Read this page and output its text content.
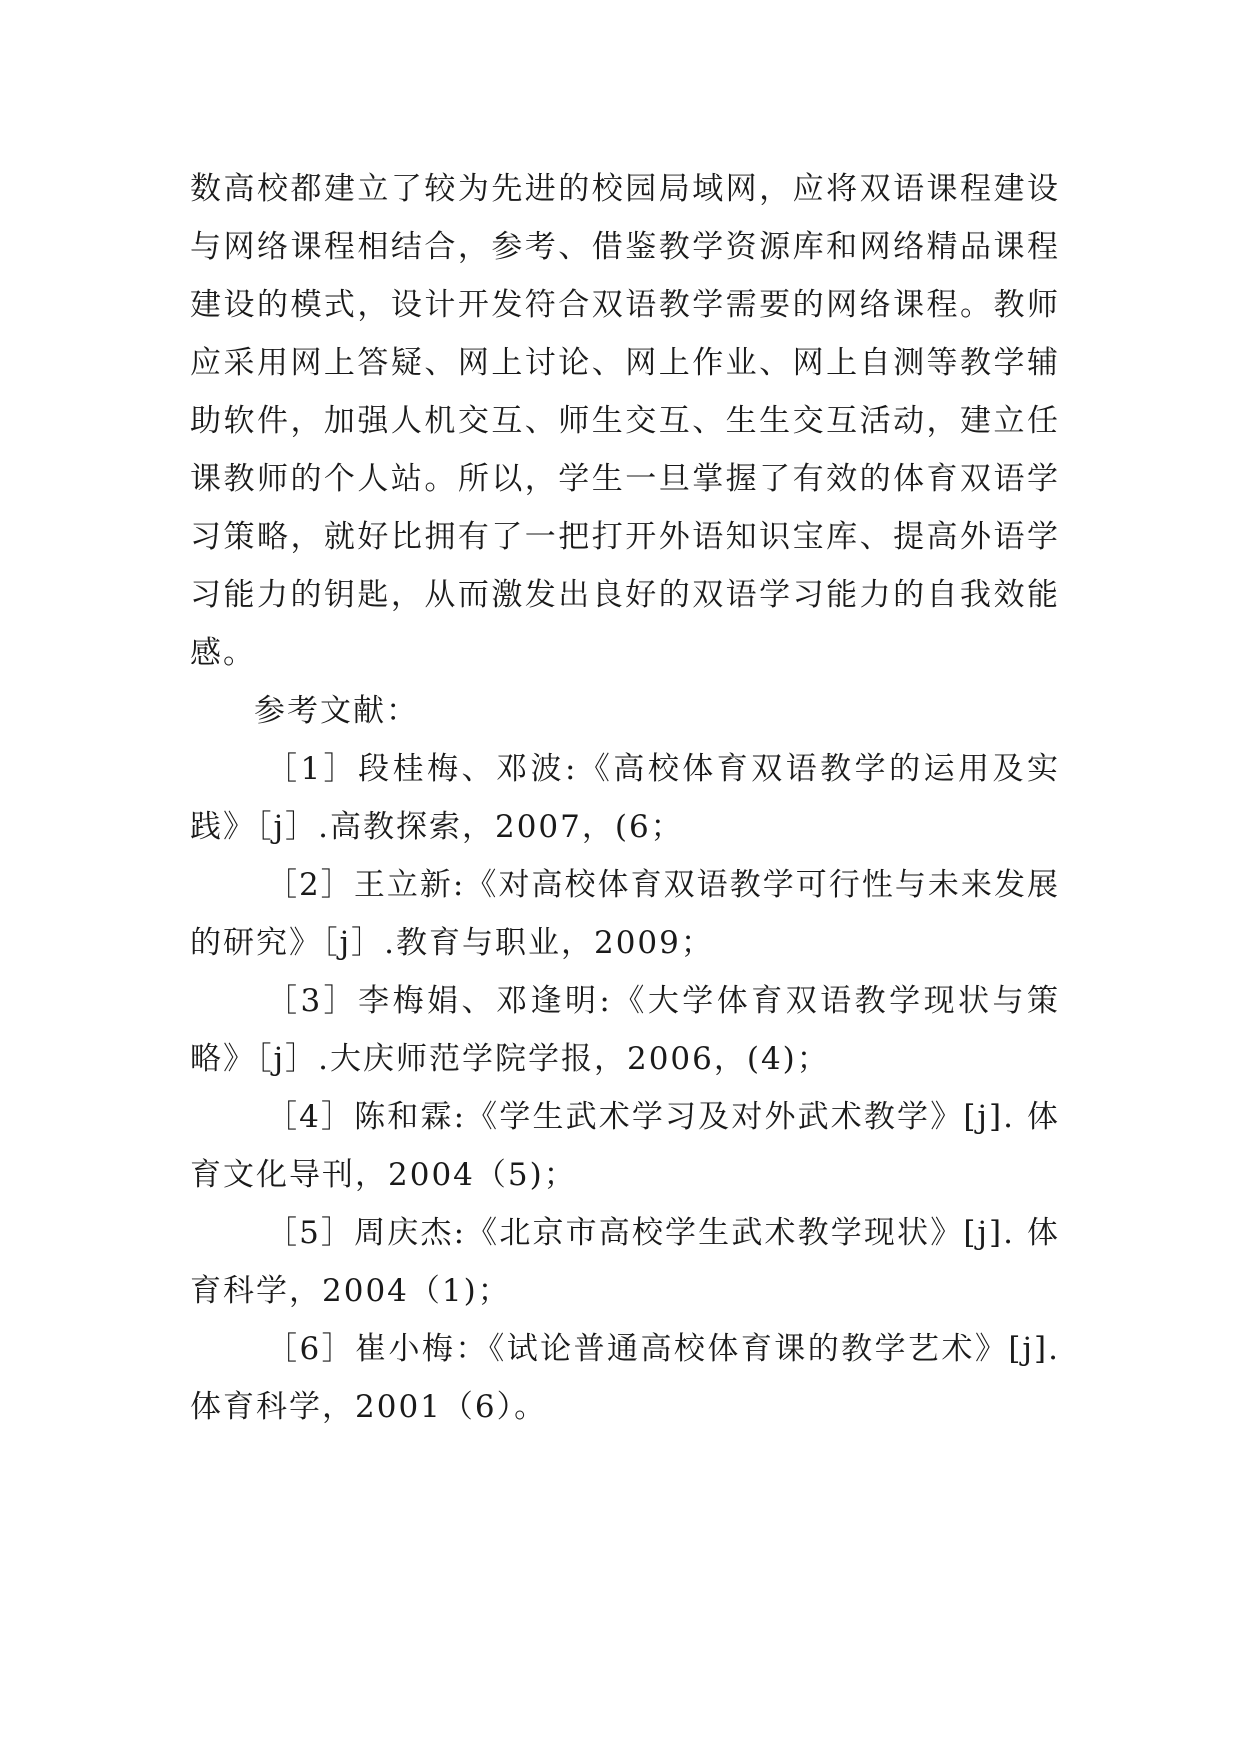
数高校都建立了较为先进的校园局域网，应将双语课程建设与网络课程相结合，参考、借鉴教学资源库和网络精品课程建设的模式，设计开发符合双语教学需要的网络课程。教师应采用网上答疑、网上讨论、网上作业、网上自测等教学辅助软件，加强人机交互、师生交互、生生交互活动，建立任课教师的个人站。所以，学生一旦掌握了有效的体育双语学习策略，就好比拥有了一把打开外语知识宝库、提高外语学习能力的钥匙，从而激发出良好的双语学习能力的自我效能感。

参考文献：

［1］段桂梅、邓波:《高校体育双语教学的运用及实践》［j］.高教探索，2007，(6；

［2］王立新:《对高校体育双语教学可行性与未来发展的研究》［j］.教育与职业，2009；

［3］李梅娟、邓逢明:《大学体育双语教学现状与策略》［j］.大庆师范学院学报，2006，(4)；

［4］陈和霖:《学生武术学习及对外武术教学》[j]. 体育文化导刊，2004（5)；

［5］周庆杰:《北京市高校学生武术教学现状》[j]. 体育科学，2004（1)；

［6］崔小梅：《试论普通高校体育课的教学艺术》[j]. 体育科学，2001（6）。
